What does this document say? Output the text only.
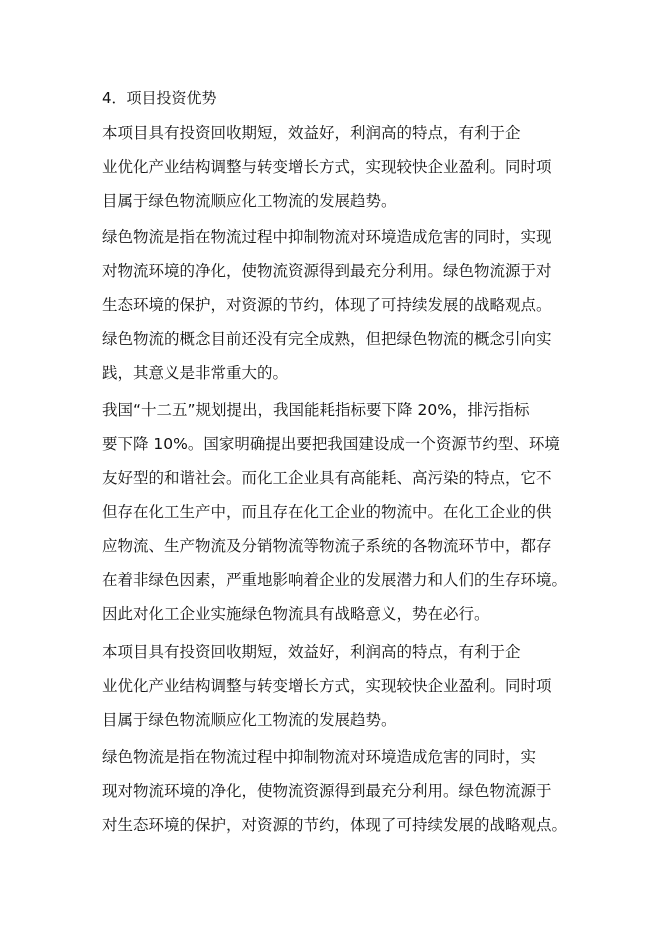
4．项目投资优势
本项目具有投资回收期短，效益好，利润高的特点，有利于企
业优化产业结构调整与转变增长方式，实现较快企业盈利。同时项
目属于绿色物流顺应化工物流的发展趋势。
绿色物流是指在物流过程中抑制物流对环境造成危害的同时，实现
对物流环境的净化，使物流资源得到最充分利用。绿色物流源于对
生态环境的保护，对资源的节约，体现了可持续发展的战略观点。
绿色物流的概念目前还没有完全成熟，但把绿色物流的概念引向实
践，其意义是非常重大的。
我国“十二五”规划提出，我国能耗指标要下降 20%，排污指标
要下降 10%。国家明确提出要把我国建设成一个资源节约型、环境
友好型的和谐社会。而化工企业具有高能耗、高污染的特点，它不
但存在化工生产中，而且存在化工企业的物流中。在化工企业的供
应物流、生产物流及分销物流等物流子系统的各物流环节中，都存
在着非绿色因素，严重地影响着企业的发展潜力和人们的生存环境。
因此对化工企业实施绿色物流具有战略意义，势在必行。
本项目具有投资回收期短，效益好，利润高的特点，有利于企
业优化产业结构调整与转变增长方式，实现较快企业盈利。同时项
目属于绿色物流顺应化工物流的发展趋势。
绿色物流是指在物流过程中抑制物流对环境造成危害的同时，实
现对物流环境的净化，使物流资源得到最充分利用。绿色物流源于
对生态环境的保护，对资源的节约，体现了可持续发展的战略观点。
